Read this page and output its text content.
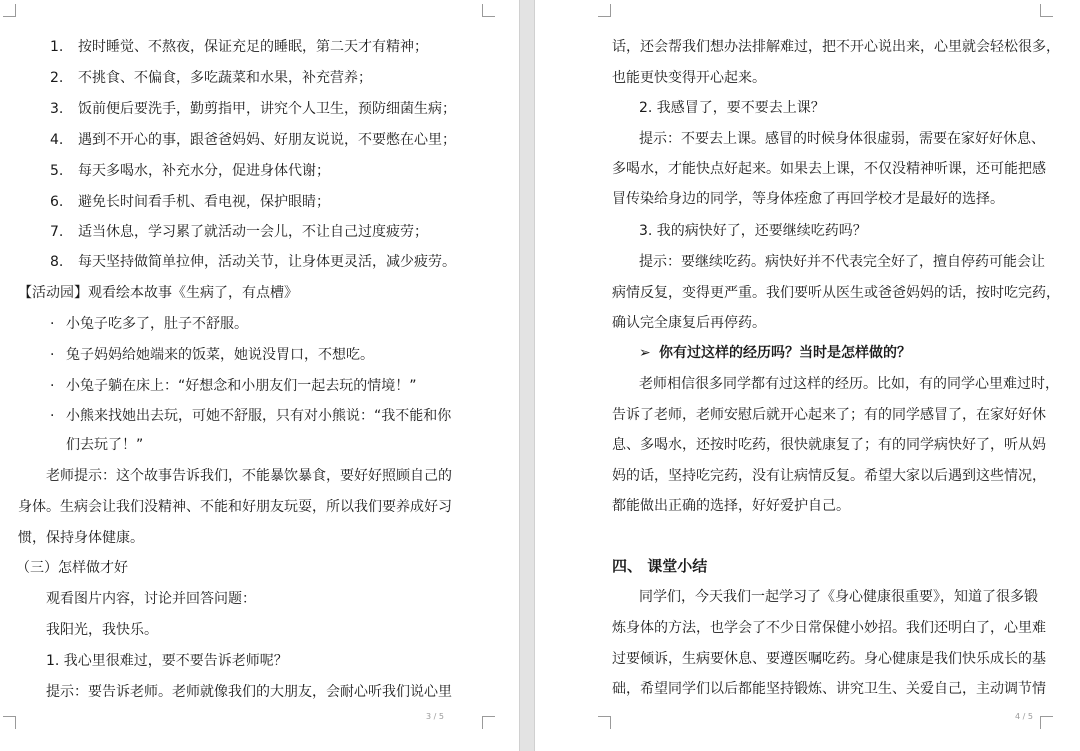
1. 按时睡觉、不熬夜，保证充足的睡眠，第二天才有精神；
2. 不挑食、不偏食，多吃蔬菜和水果，补充营养；
3. 饭前便后要洗手，勤剪指甲，讲究个人卫生，预防细菌生病；
4. 遇到不开心的事，跟爸爸妈妈、好朋友说说，不要憋在心里；
5. 每天多喝水，补充水分，促进身体代谢；
6. 避免长时间看手机、看电视，保护眼睛；
7. 适当休息，学习累了就活动一会儿，不让自己过度疲劳；
8. 每天坚持做简单拉伸，活动关节，让身体更灵活，减少疲劳。
【活动园】观看绘本故事《生病了，有点槽》
· 小兔子吃多了，肚子不舒服。
· 兔子妈妈给她端来的饭菜，她说没胃口，不想吃。
· 小兔子躺在床上：“好想念和小朋友们一起去玩的情境！”
· 小熊来找她出去玩，可她不舒服，只有对小熊说：“我不能和你
们去玩了！”
老师提示：这个故事告诉我们，不能暴饮暴食，要好好照顾自己的
身体。生病会让我们没精神、不能和好朋友玩耍，所以我们要养成好习
惯，保持身体健康。
（三）怎样做才好
观看图片内容，讨论并回答问题：
我阳光，我快乐。
1. 我心里很难过，要不要告诉老师呢？
提示：要告诉老师。老师就像我们的大朋友，会耐心听我们说心里
3 / 5
话，还会帮我们想办法排解难过，把不开心说出来，心里就会轻松很多，
也能更快变得开心起来。
2. 我感冒了，要不要去上课？
提示：不要去上课。感冒的时候身体很虚弱，需要在家好好休息、
多喝水，才能快点好起来。如果去上课，不仅没精神听课，还可能把感
冒传染给身边的同学，等身体痊愈了再回学校才是最好的选择。
3. 我的病快好了，还要继续吃药吗？
提示：要继续吃药。病快好并不代表完全好了，擅自停药可能会让
病情反复，变得更严重。我们要听从医生或爸爸妈妈的话，按时吃完药，
确认完全康复后再停药。
➢ 你有过这样的经历吗？当时是怎样做的？
老师相信很多同学都有过这样的经历。比如，有的同学心里难过时，
告诉了老师，老师安慰后就开心起来了；有的同学感冒了，在家好好休
息、多喝水，还按时吃药，很快就康复了；有的同学病快好了，听从妈
妈的话，坚持吃完药，没有让病情反复。希望大家以后遇到这些情况，
都能做出正确的选择，好好爱护自己。
四、 课堂小结
同学们，今天我们一起学习了《身心健康很重要》，知道了很多锻
炼身体的方法，也学会了不少日常保健小妙招。我们还明白了，心里难
过要倾诉，生病要休息、要遵医嘱吃药。身心健康是我们快乐成长的基
础，希望同学们以后都能坚持锻炼、讲究卫生、关爱自己，主动调节情
4 / 5
